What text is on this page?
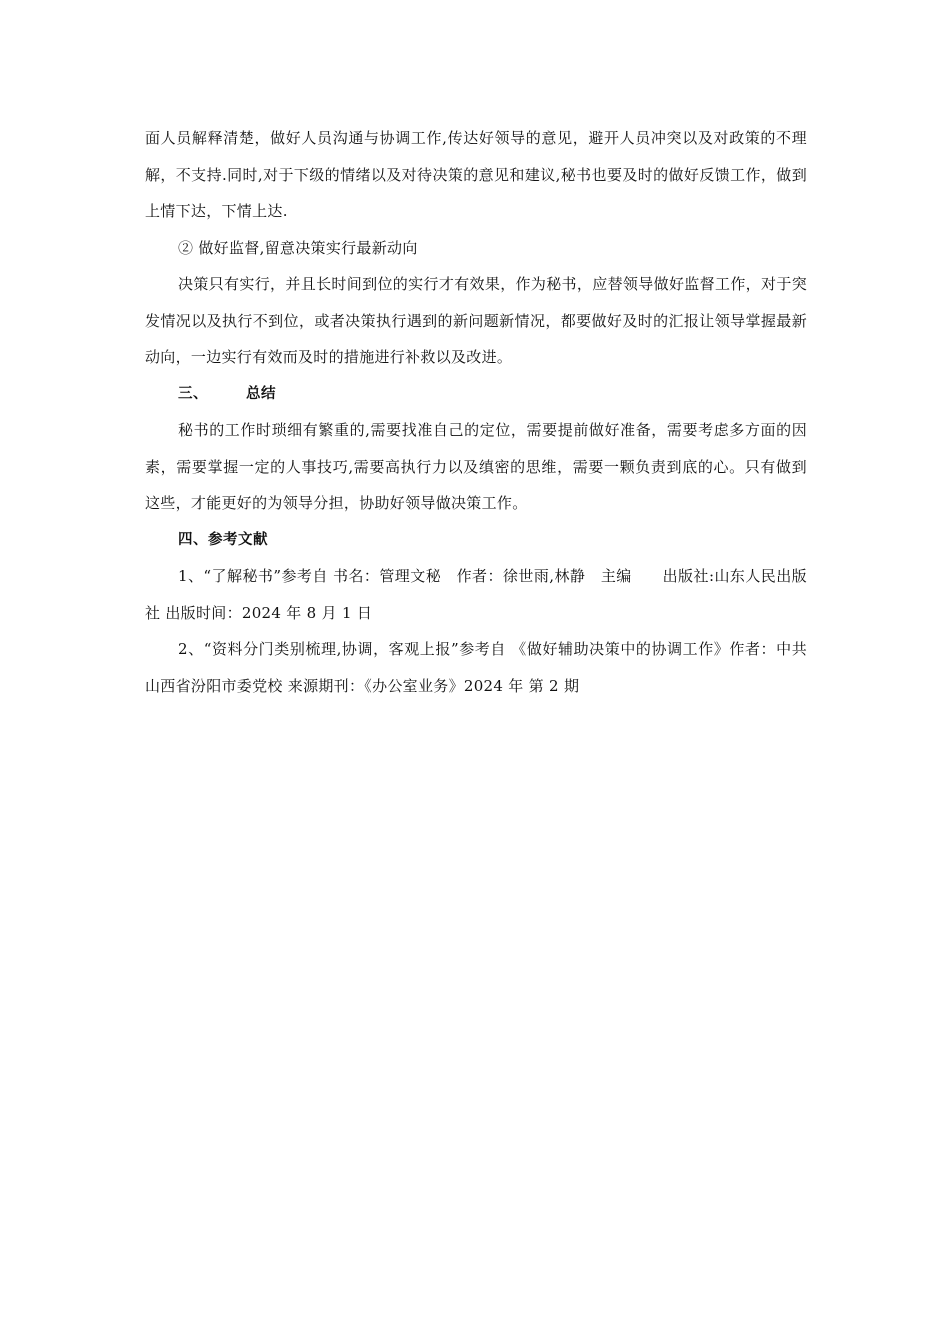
面人员解释清楚，做好人员沟通与协调工作,传达好领导的意见，避开人员冲突以及对政策的不理解，不支持.同时,对于下级的情绪以及对待决策的意见和建议,秘书也要及时的做好反馈工作，做到上情下达，下情上达.

② 做好监督,留意决策实行最新动向

决策只有实行，并且长时间到位的实行才有效果，作为秘书，应替领导做好监督工作，对于突发情况以及执行不到位，或者决策执行遇到的新问题新情况，都要做好及时的汇报让领导掌握最新动向，一边实行有效而及时的措施进行补救以及改进。

三、	总结

秘书的工作时琐细有繁重的,需要找准自己的定位，需要提前做好准备，需要考虑多方面的因素，需要掌握一定的人事技巧,需要高执行力以及缜密的思维，需要一颗负责到底的心。只有做到这些，才能更好的为领导分担，协助好领导做决策工作。

四、参考文献

1、“了解秘书”参考自 书名：管理文秘　作者：徐世雨,林静　主编　　出版社:山东人民出版社 出版时间：2024 年 8 月 1 日

2、“资料分门类别梳理,协调，客观上报”参考自 《做好辅助决策中的协调工作》作者：中共山西省汾阳市委党校 来源期刊：《办公室业务》2024 年 第 2 期
